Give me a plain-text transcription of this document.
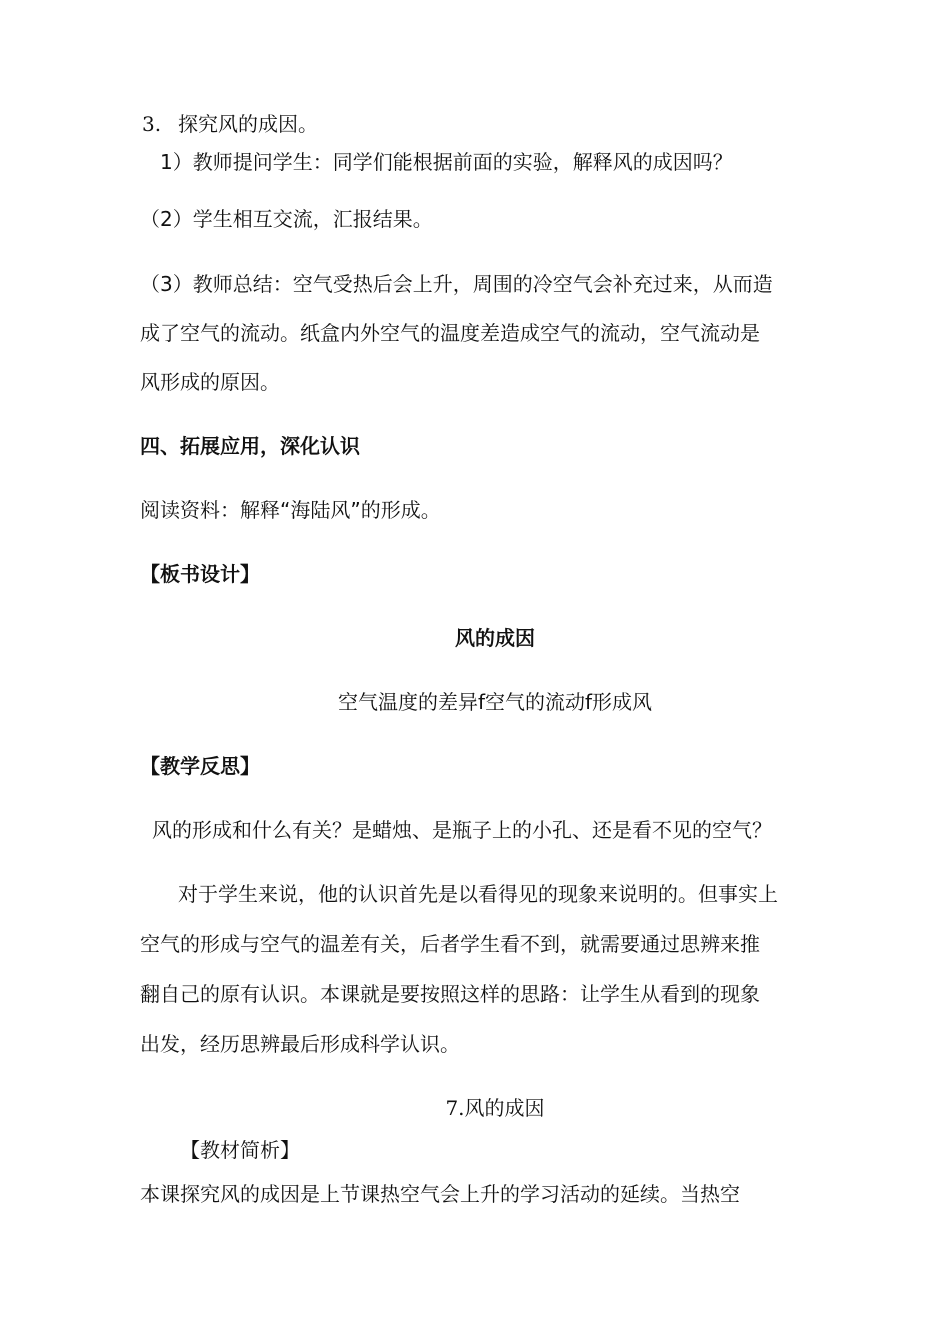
3. 探究风的成因。
1）教师提问学生：同学们能根据前面的实验，解释风的成因吗？
（2）学生相互交流，汇报结果。
（3）教师总结：空气受热后会上升，周围的冷空气会补充过来，从而造
成了空气的流动。纸盒内外空气的温度差造成空气的流动，空气流动是
风形成的原因。
四、拓展应用，深化认识
阅读资料：解释“海陆风”的形成。
【板书设计】
风的成因
空气温度的差异f空气的流动f形成风
【教学反思】
风的形成和什么有关？是蜡烛、是瓶子上的小孔、还是看不见的空气？
对于学生来说，他的认识首先是以看得见的现象来说明的。但事实上
空气的形成与空气的温差有关，后者学生看不到，就需要通过思辨来推
翻自己的原有认识。本课就是要按照这样的思路：让学生从看到的现象
出发，经历思辨最后形成科学认识。
7.风的成因
【教材简析】
本课探究风的成因是上节课热空气会上升的学习活动的延续。当热空
